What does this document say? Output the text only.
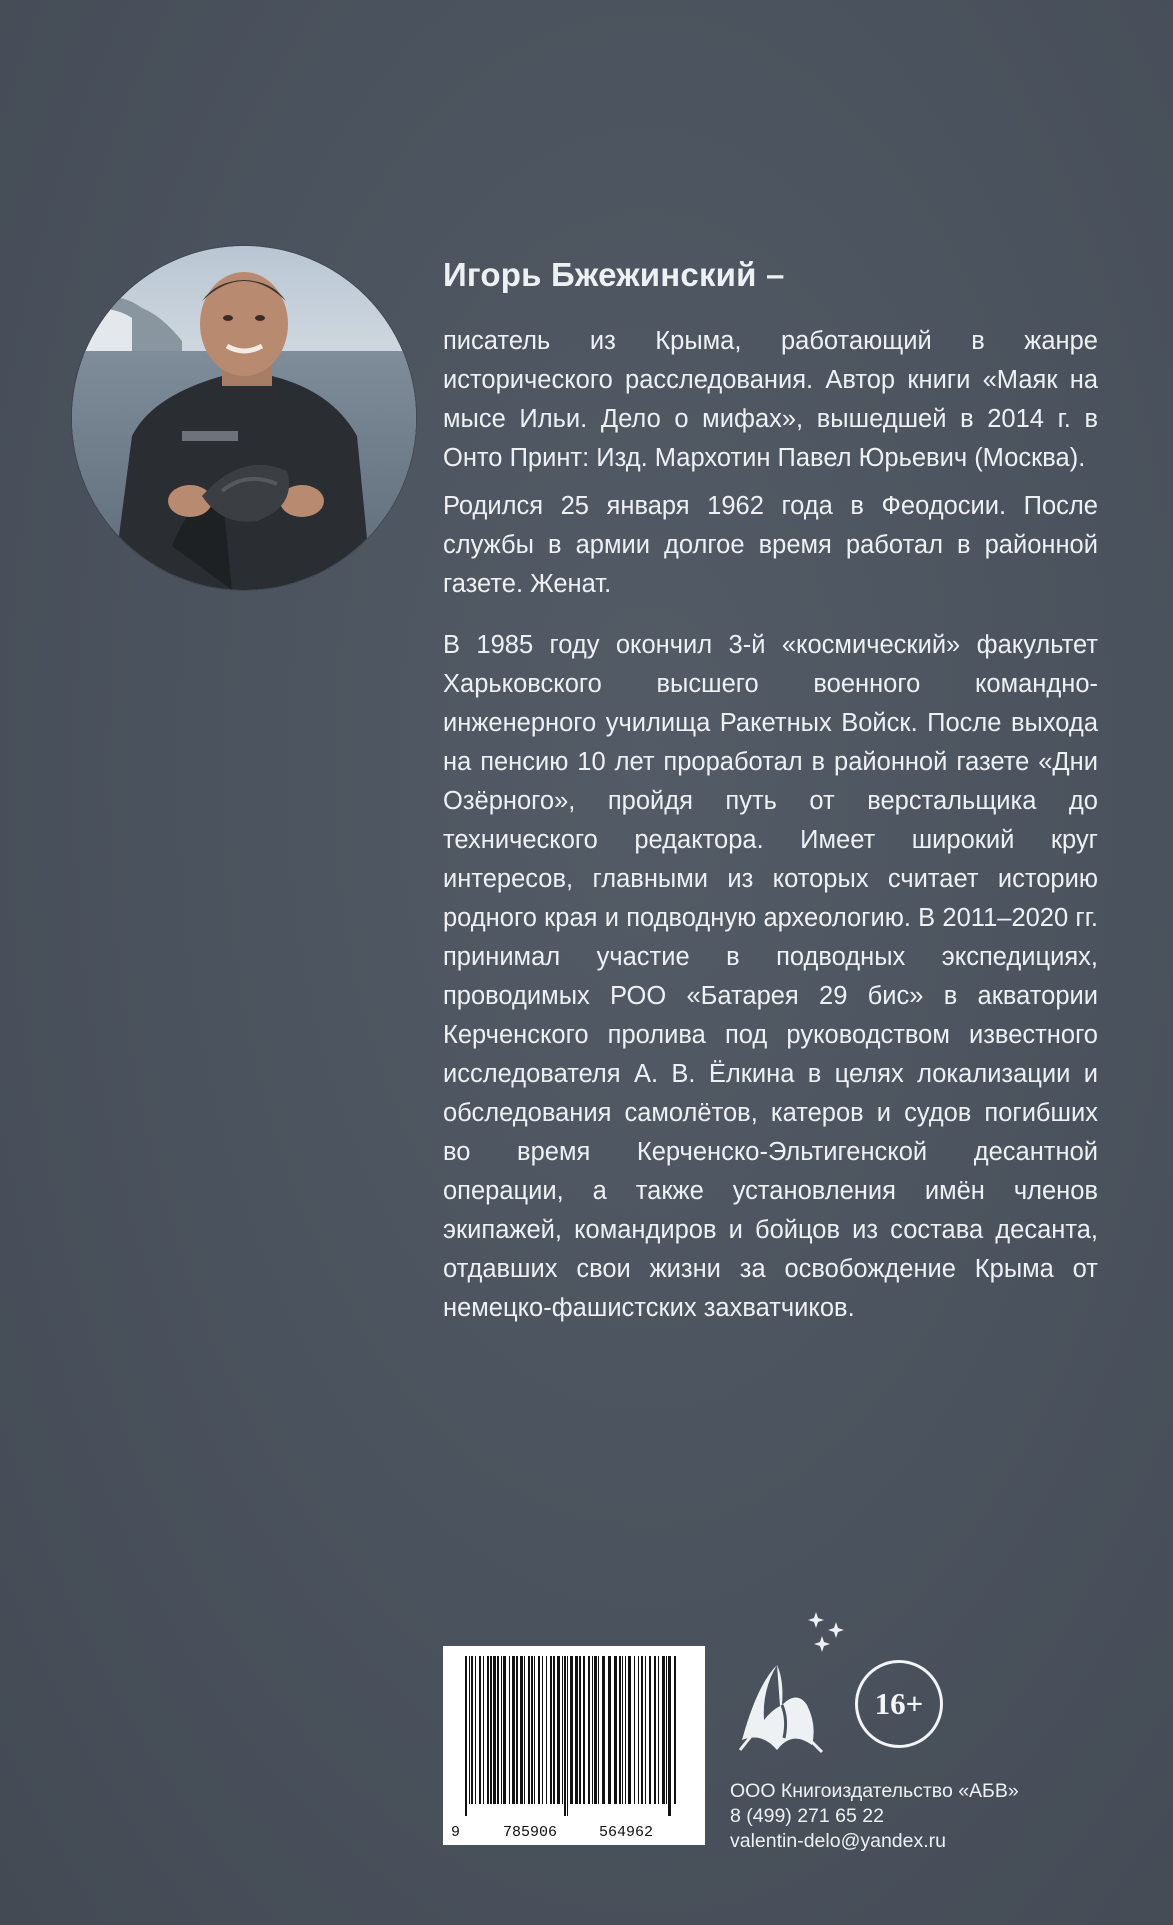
Игорь Бжежинский –

писатель из Крыма, работающий в жанре исторического расследования. Автор книги «Маяк на мысе Ильи. Дело о мифах», вышедшей в 2014 г. в Онто Принт: Изд. Мархотин Павел Юрьевич (Москва).

Родился 25 января 1962 года в Феодосии. После службы в армии долгое время работал в районной газете. Женат.

В 1985 году окончил 3-й «космический» факультет Харьковского высшего военного командно-инженерного училища Ракетных Войск. После выхода на пенсию 10 лет проработал в районной газете «Дни Озёрного», пройдя путь от верстальщика до технического редактора. Имеет широкий круг интересов, главными из которых считает историю родного края и подводную археологию. В 2011–2020 гг. принимал участие в подводных экспедициях, проводимых РОО «Батарея 29 бис» в акватории Керченского пролива под руководством известного исследователя А. В. Ёлкина в целях локализации и обследования самолётов, катеров и судов погибших во время Керченско-Эльтигенской десантной операции, а также установления имён членов экипажей, командиров и бойцов из состава десанта, отдавших свои жизни за освобождение Крыма от немецко-фашистских захватчиков.

9	785906	564962
16+
ООО Книгоиздательство «АБВ»
8 (499) 271 65 22
valentin-delo@yandex.ru
